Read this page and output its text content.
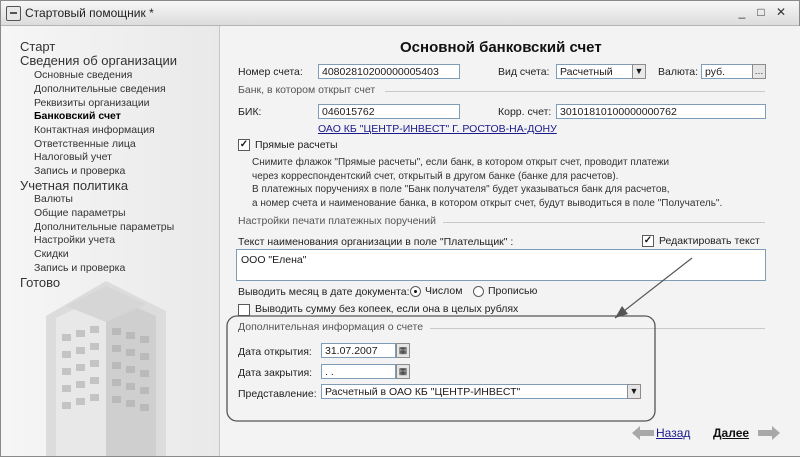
Стартовый помощник *	_	□ ✕
Старт
Сведения об организации
Основные сведения
Дополнительные сведения
Реквизиты организации
Банковский счет
Контактная информация
Ответственные лица
Налоговый учет
Запись и проверка
Учетная политика
Валюты
Общие параметры
Дополнительные параметры
Настройки учета
Скидки
Запись и проверка
Готово
Основной банковский счет
Номер счета:	40802810200000005403	Вид счета:	Расчетный	▼ Валюта: руб.	…
Банк, в котором открыт счет
БИК:	046015762	Корр. счет: 30101810100000000762
ОАО КБ "ЦЕНТР-ИНВЕСТ" Г. РОСТОВ-НА-ДОНУ
✓ Прямые расчеты
Снимите флажок "Прямые расчеты", если банк, в котором открыт счет, проводит платежи
через корреспондентский счет, открытый в другом банке (банке для расчетов).
В платежных поручениях в поле "Банк получателя" будет указываться банк для расчетов,
а номер счета и наименование банка, в котором открыт счет, будут выводиться в поле "Получатель".
Настройки печати платежных поручений
Текст наименования организации в поле "Плательщик" :	✓ Редактировать текст
ООО "Елена"
Выводить месяц в дате документа: Числом Прописью
Выводить сумму без копеек, если она в целых рублях
Дополнительная информация о счете
Дата открытия:	31.07.2007	▦
Дата закрытия:	. .	▦
Представление: Расчетный в ОАО КБ "ЦЕНТР-ИНВЕСТ"	▼
Назад Далее
